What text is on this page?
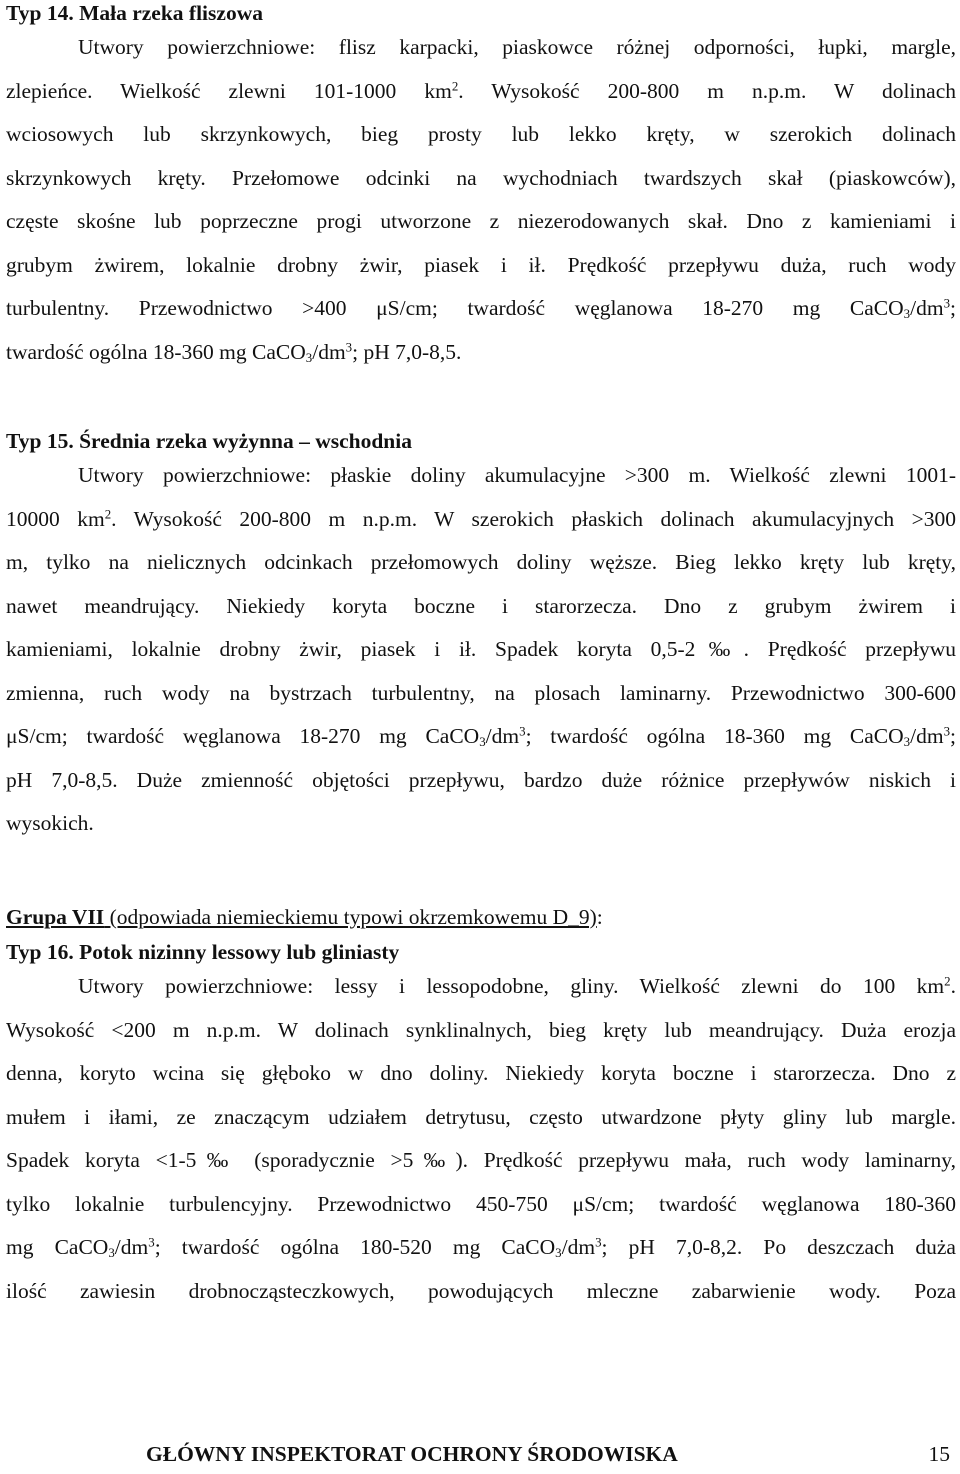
Typ 14. Mała rzeka fliszowa

Utwory powierzchniowe: flisz karpacki, piaskowce różnej odporności, łupki, margle,

zlepieńce. Wielkość zlewni 101-1000 $km^2$. Wysokość 200-800 m n.p.m. W dolinach

wciosowych lub skrzynkowych, bieg prosty lub lekko kręty, w szerokich dolinach

skrzynkowych kręty. Przełomowe odcinki na wychodniach twardszych skał (piaskowców),

częste skośne lub poprzeczne progi utworzone z niezerodowanych skał. Dno z kamieniami i

grubym żwirem, lokalnie drobny żwir, piasek i ił. Prędkość przepływu duża, ruch wody

turbulentny. Przewodnictwo >400 μS/cm; twardość węglanowa 18-270 mg $CaCO_3/dm^3$;

twardość ogólna 18-360 mg $CaCO_3/dm^3$; pH 7,0-8,5.

Typ 15. Średnia rzeka wyżynna – wschodnia

Utwory powierzchniowe: płaskie doliny akumulacyjne >300 m. Wielkość zlewni 1001-

10000 $km^2$. Wysokość 200-800 m n.p.m. W szerokich płaskich dolinach akumulacyjnych >300

m, tylko na nielicznych odcinkach przełomowych doliny węższe. Bieg lekko kręty lub kręty,

nawet meandrujący. Niekiedy koryta boczne i starorzecza. Dno z grubym żwirem i

kamieniami, lokalnie drobny żwir, piasek i ił. Spadek koryta 0,5-2‰. Prędkość przepływu

zmienna, ruch wody na bystrzach turbulentny, na plosach laminarny. Przewodnictwo 300-600

μS/cm; twardość węglanowa 18-270 mg $CaCO_3/dm^3$; twardość ogólna 18-360 mg $CaCO_3/dm^3$;

pH 7,0-8,5. Duże zmienność objętości przepływu, bardzo duże różnice przepływów niskich i

wysokich.

Grupa VII (odpowiada niemieckiemu typowi okrzemkowemu D_9):

Typ 16. Potok nizinny lessowy lub gliniasty

Utwory powierzchniowe: lessy i lessopodobne, gliny. Wielkość zlewni do 100 $km^2$.

Wysokość <200 m n.p.m. W dolinach synklinalnych, bieg kręty lub meandrujący. Duża erozja

denna, koryto wcina się głęboko w dno doliny. Niekiedy koryta boczne i starorzecza. Dno z

mułem i iłami, ze znaczącym udziałem detrytusu, często utwardzone płyty gliny lub margle.

Spadek koryta <1-5‰ (sporadycznie >5‰). Prędkość przepływu mała, ruch wody laminarny,

tylko lokalnie turbulencyjny. Przewodnictwo 450-750 μS/cm; twardość węglanowa 180-360

mg $CaCO_3/dm^3$; twardość ogólna 180-520 mg $CaCO_3/dm^3$; pH 7,0-8,2. Po deszczach duża

ilość zawiesin drobnocząsteczkowych, powodujących mleczne zabarwienie wody. Poza

GŁÓWNY INSPEKTORAT OCHRONY ŚRODOWISKA	15
